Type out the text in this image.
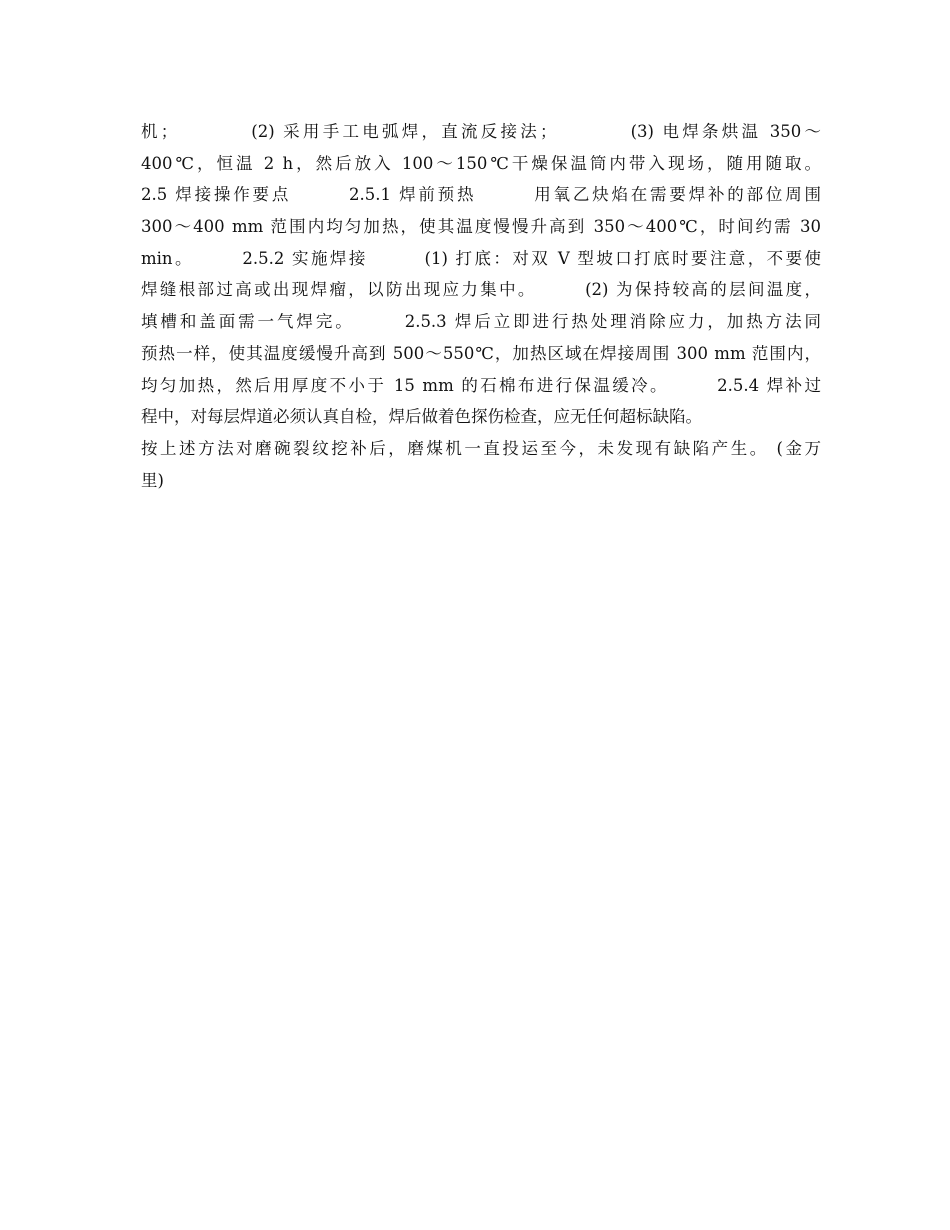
机；　　　　(2) 采用手工电弧焊，直流反接法；　　　　(3) 电焊条烘温 350～
400℃，恒温 2 h，然后放入 100～150℃干燥保温筒内带入现场，随用随取。
2.5 焊接操作要点　　　2.5.1 焊前预热　　　用氧乙炔焰在需要焊补的部位周围
300～400 mm 范围内均匀加热，使其温度慢慢升高到 350～400℃，时间约需 30
min。　　　2.5.2 实施焊接　　　(1) 打底：对双 V 型坡口打底时要注意，不要使
焊缝根部过高或出现焊瘤，以防出现应力集中。　　　(2) 为保持较高的层间温度，
填槽和盖面需一气焊完。　　　2.5.3 焊后立即进行热处理消除应力，加热方法同
预热一样，使其温度缓慢升高到 500～550℃，加热区域在焊接周围 300 mm 范围内，
均匀加热，然后用厚度不小于 15 mm 的石棉布进行保温缓冷。　　　2.5.4 焊补过
程中，对每层焊道必须认真自检，焊后做着色探伤检查，应无任何超标缺陷。
按上述方法对磨碗裂纹挖补后，磨煤机一直投运至今，未发现有缺陷产生。 (金万
里)
